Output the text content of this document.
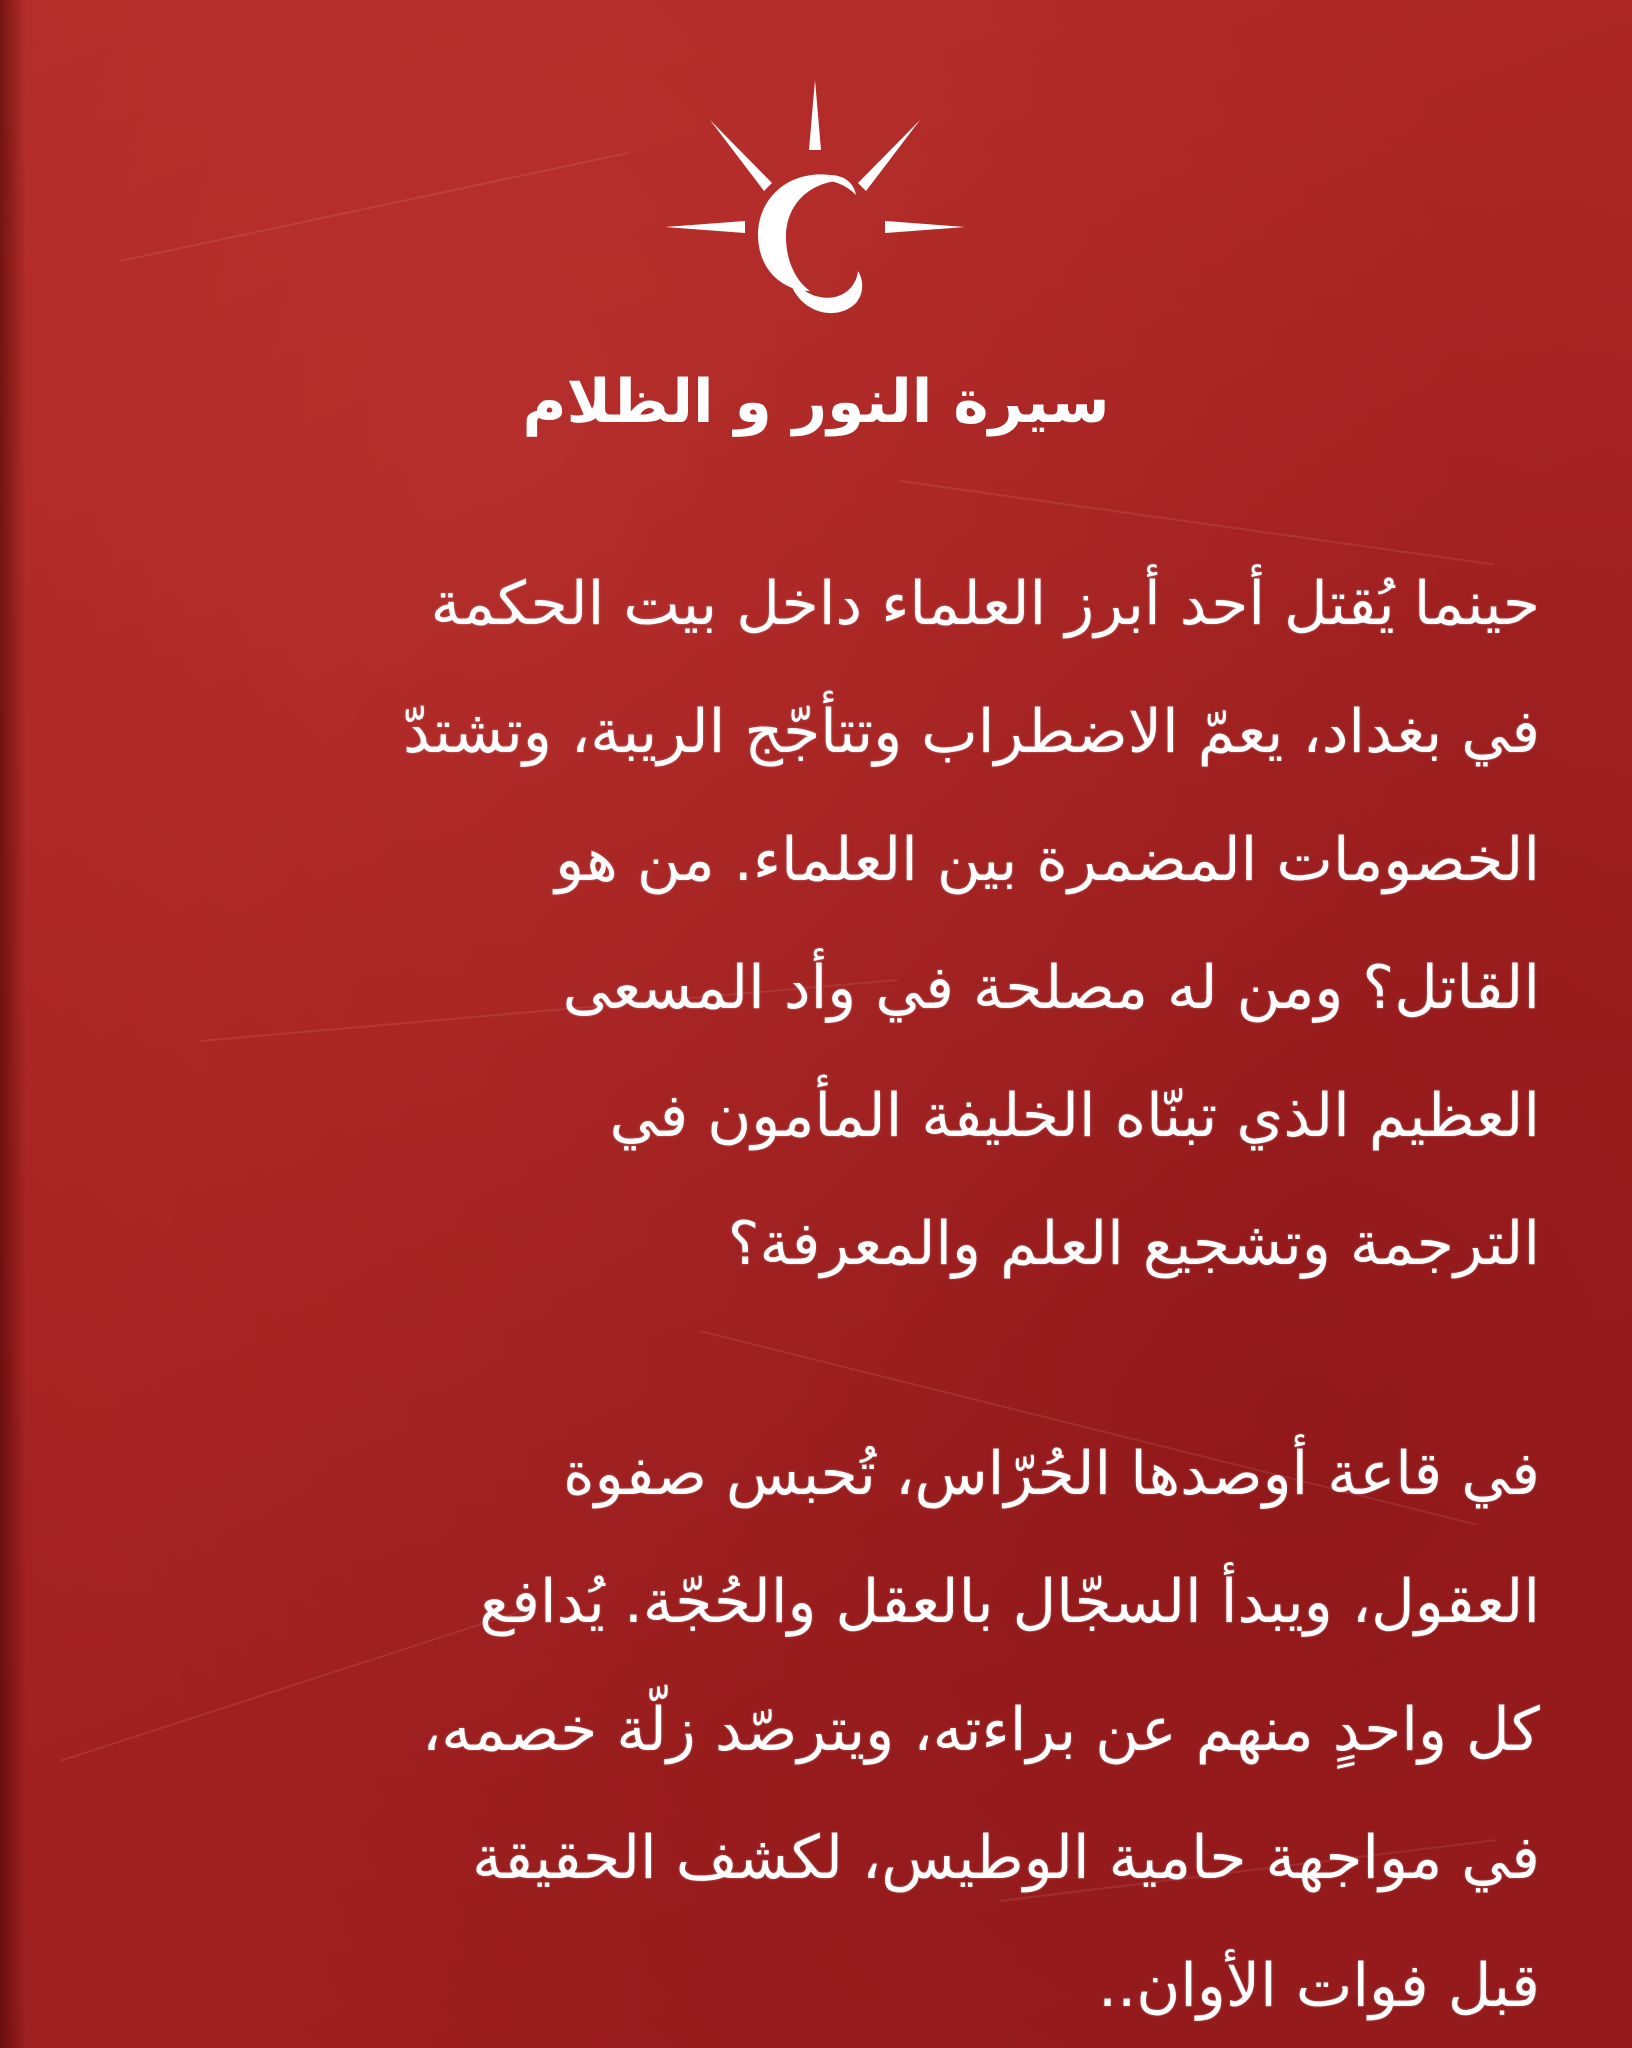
سيرة النور و الظلام
حينما يُقتل أحد أبرز العلماء داخل بيت الحكمة
في بغداد، يعمّ الاضطراب وتتأجّج الريبة، وتشتدّ
الخصومات المضمرة بين العلماء. من هو
القاتل؟ ومن له مصلحة في وأد المسعى
العظيم الذي تبنّاه الخليفة المأمون في
الترجمة وتشجيع العلم والمعرفة؟
في قاعة أوصدها الحُرّاس، تُحبس صفوة
العقول، ويبدأ السجّال بالعقل والحُجّة. يُدافع
كل واحدٍ منهم عن براءته، ويترصّد زلّة خصمه،
في مواجهة حامية الوطيس، لكشف الحقيقة
قبل فوات الأوان..
